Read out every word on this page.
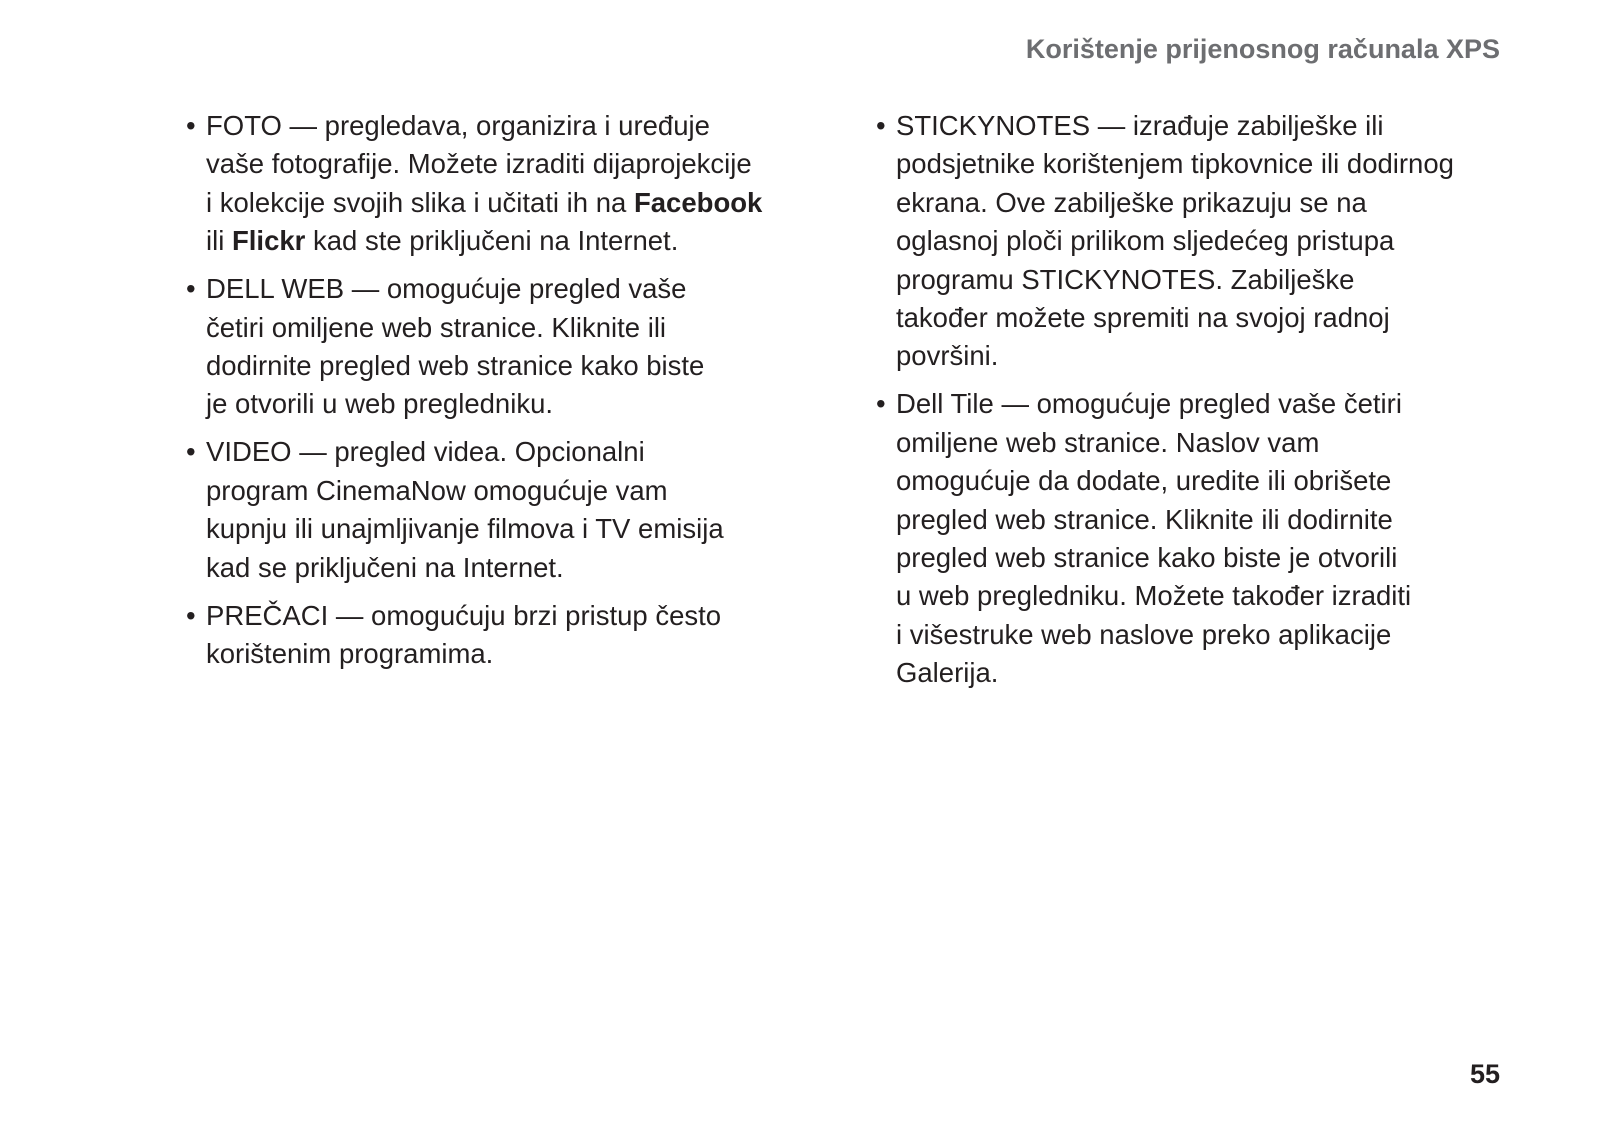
Korištenje prijenosnog računala XPS
• FOTO — pregledava, organizira i uređuje
vaše fotografije. Možete izraditi dijaprojekcije
i kolekcije svojih slika i učitati ih na Facebook
ili Flickr kad ste priključeni na Internet.
• DELL WEB — omogućuje pregled vaše
četiri omiljene web stranice. Kliknite ili
dodirnite pregled web stranice kako biste
je otvorili u web pregledniku.
• VIDEO — pregled videa. Opcionalni
program CinemaNow omogućuje vam
kupnju ili unajmljivanje filmova i TV emisija
kad se priključeni na Internet.
• PREČACI — omogućuju brzi pristup često
korištenim programima.
• STICKYNOTES — izrađuje zabilješke ili
podsjetnike korištenjem tipkovnice ili dodirnog
ekrana. Ove zabilješke prikazuju se na
oglasnoj ploči prilikom sljedećeg pristupa
programu STICKYNOTES. Zabilješke
također možete spremiti na svojoj radnoj
površini.
• Dell Tile — omogućuje pregled vaše četiri
omiljene web stranice. Naslov vam
omogućuje da dodate, uredite ili obrišete
pregled web stranice. Kliknite ili dodirnite
pregled web stranice kako biste je otvorili
u web pregledniku. Možete također izraditi
i višestruke web naslove preko aplikacije
Galerija.
55
